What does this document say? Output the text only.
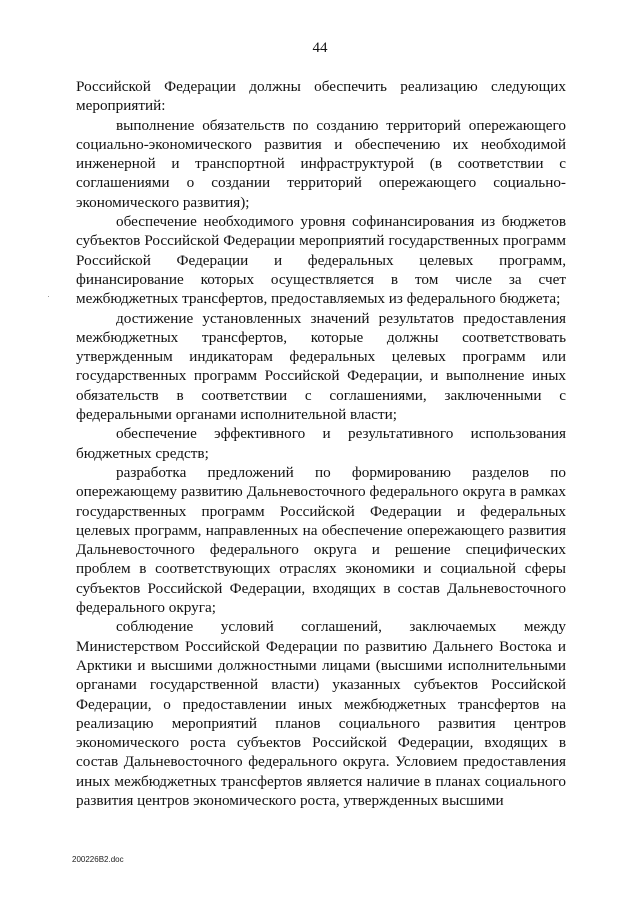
44

Российской Федерации должны обеспечить реализацию следующих мероприятий:

выполнение обязательств по созданию территорий опережающего социально-экономического развития и обеспечению их необходимой инженерной и транспортной инфраструктурой (в соответствии с соглашениями о создании территорий опережающего социально-экономического развития);

обеспечение необходимого уровня софинансирования из бюджетов субъектов Российской Федерации мероприятий государственных программ Российской Федерации и федеральных целевых программ, финансирование которых осуществляется в том числе за счет межбюджетных трансфертов, предоставляемых из федерального бюджета;

достижение установленных значений результатов предоставления межбюджетных трансфертов, которые должны соответствовать утвержденным индикаторам федеральных целевых программ или государственных программ Российской Федерации, и выполнение иных обязательств в соответствии с соглашениями, заключенными с федеральными органами исполнительной власти;

обеспечение эффективного и результативного использования бюджетных средств;

разработка предложений по формированию разделов по опережающему развитию Дальневосточного федерального округа в рамках государственных программ Российской Федерации и федеральных целевых программ, направленных на обеспечение опережающего развития Дальневосточного федерального округа и решение специфических проблем в соответствующих отраслях экономики и социальной сферы субъектов Российской Федерации, входящих в состав Дальневосточного федерального округа;

соблюдение условий соглашений, заключаемых между Министерством Российской Федерации по развитию Дальнего Востока и Арктики и высшими должностными лицами (высшими исполнительными органами государственной власти) указанных субъектов Российской Федерации, о предоставлении иных межбюджетных трансфертов на реализацию мероприятий планов социального развития центров экономического роста субъектов Российской Федерации, входящих в состав Дальневосточного федерального округа. Условием предоставления иных межбюджетных трансфертов является наличие в планах социального развития центров экономического роста, утвержденных высшими

200226B2.doc
